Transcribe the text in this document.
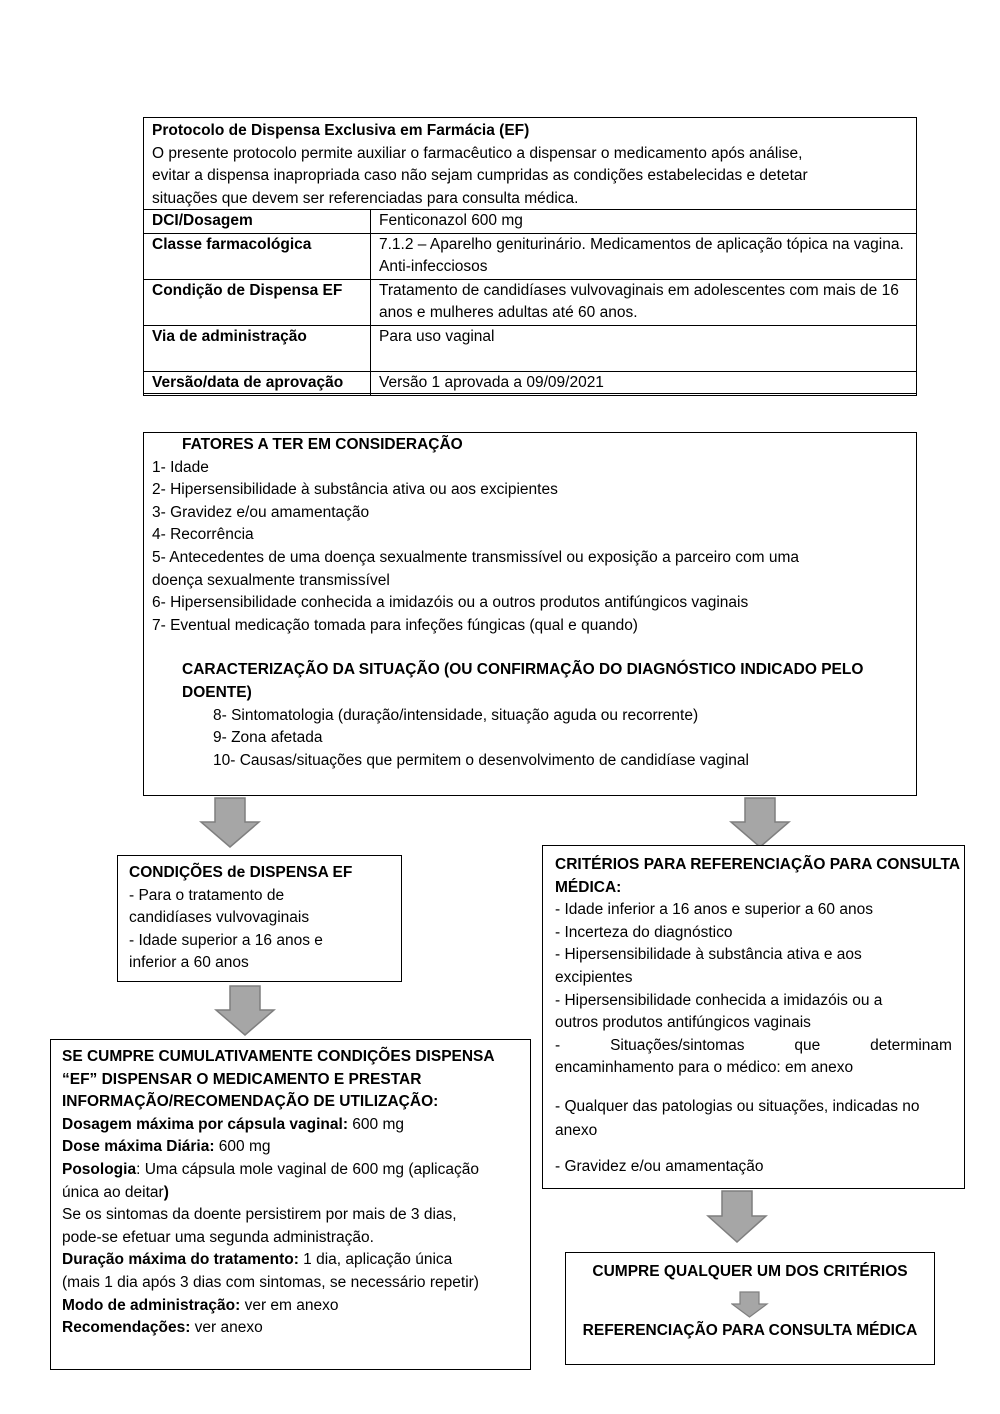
Protocolo de Dispensa Exclusiva em Farmácia (EF)
O presente protocolo permite auxiliar o farmacêutico a dispensar o medicamento após análise,
evitar a dispensa inapropriada caso não sejam cumpridas as condições estabelecidas e detetar
situações que devem ser referenciadas para consulta médica.
DCI/Dosagem	Fenticonazol 600 mg
Classe farmacológica	7.1.2 – Aparelho geniturinário. Medicamentos de aplicação tópica na vagina. Anti-infecciosos
Condição de Dispensa EF	Tratamento de candidíases vulvovaginais em adolescentes com mais de 16 anos e mulheres adultas até 60 anos.
Via de administração	Para uso vaginal
Versão/data de aprovação	Versão 1 aprovada a 09/09/2021
FATORES A TER EM CONSIDERAÇÃO
1- Idade
2- Hipersensibilidade à substância ativa ou aos excipientes
3- Gravidez e/ou amamentação
4- Recorrência
5- Antecedentes de uma doença sexualmente transmissível ou exposição a parceiro com uma
doença sexualmente transmissível
6- Hipersensibilidade conhecida a imidazóis ou a outros produtos antifúngicos vaginais
7- Eventual medicação tomada para infeções fúngicas (qual e quando)
CARACTERIZAÇÃO DA SITUAÇÃO (OU CONFIRMAÇÃO DO DIAGNÓSTICO INDICADO PELO
DOENTE)
8- Sintomatologia (duração/intensidade, situação aguda ou recorrente)
9- Zona afetada
10- Causas/situações que permitem o desenvolvimento de candidíase vaginal
CONDIÇÕES de DISPENSA EF
- Para o tratamento de
candidíases vulvovaginais
- Idade superior a 16 anos e
inferior a 60 anos
CRITÉRIOS PARA REFERENCIAÇÃO PARA CONSULTA
MÉDICA:
- Idade inferior a 16 anos e superior a 60 anos
- Incerteza do diagnóstico
- Hipersensibilidade à substância ativa e aos
excipientes
- Hipersensibilidade conhecida a imidazóis ou a
outros produtos antifúngicos vaginais
-	Situações/sintomas	que	determinam
encaminhamento para o médico: em anexo
- Qualquer das patologias ou situações, indicadas no
anexo
- Gravidez e/ou amamentação
SE CUMPRE CUMULATIVAMENTE CONDIÇÕES DISPENSA
“EF” DISPENSAR O MEDICAMENTO E PRESTAR
INFORMAÇÃO/RECOMENDAÇÃO DE UTILIZAÇÃO:
Dosagem máxima por cápsula vaginal: 600 mg
Dose máxima Diária: 600 mg
Posologia: Uma cápsula mole vaginal de 600 mg (aplicação
única ao deitar)
Se os sintomas da doente persistirem por mais de 3 dias,
pode-se efetuar uma segunda administração.
Duração máxima do tratamento: 1 dia, aplicação única
(mais 1 dia após 3 dias com sintomas, se necessário repetir)
Modo de administração: ver em anexo
Recomendações: ver anexo
CUMPRE QUALQUER UM DOS CRITÉRIOS
REFERENCIAÇÃO PARA CONSULTA MÉDICA
